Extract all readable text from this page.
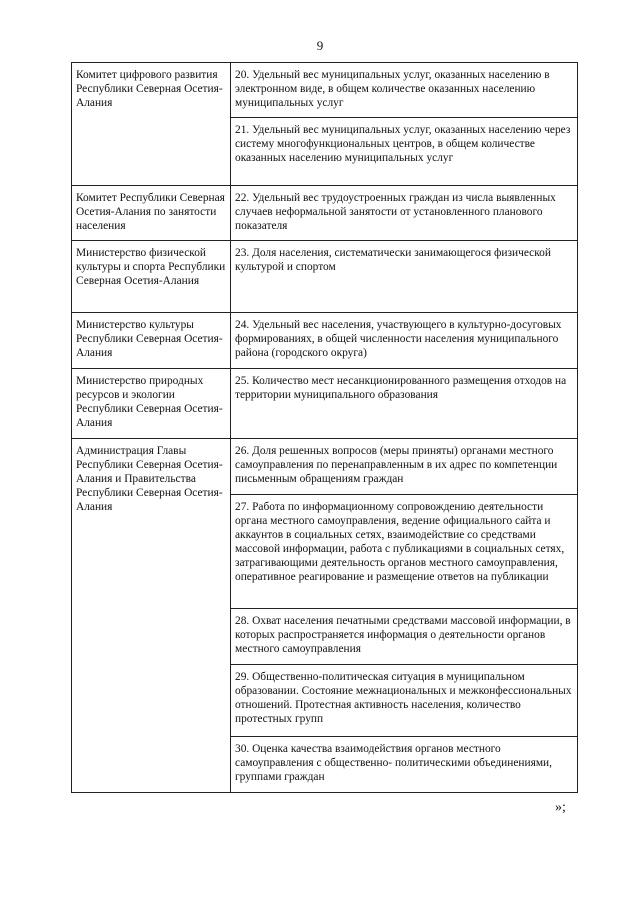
9
Комитет цифрового развития Республики Северная Осетия-Алания	20. Удельный вес муниципальных услуг, оказанных населению в электронном виде, в общем количестве оказанных населению муниципальных услуг
	21. Удельный вес муниципальных услуг, оказанных населению через систему многофункциональных центров, в общем количестве оказанных населению муниципальных услуг
Комитет Республики Северная Осетия-Алания по занятости населения	22. Удельный вес трудоустроенных граждан из числа выявленных случаев неформальной занятости от установленного планового показателя
Министерство физической культуры и спорта Республики Северная Осетия-Алания	23. Доля населения, систематически занимающегося физической культурой и спортом
Министерство культуры Республики Северная Осетия-Алания	24. Удельный вес населения, участвующего в культурно-досуговых формированиях, в общей численности населения муниципального района (городского округа)
Министерство природных ресурсов и экологии Республики Северная Осетия-Алания	25. Количество мест несанкционированного размещения отходов на территории муниципального образования
Администрация Главы Республики Северная Осетия-Алания и Правительства Республики Северная Осетия-Алания	26. Доля решенных вопросов (меры приняты) органами местного самоуправления по перенаправленным в их адрес по компетенции письменным обращениям граждан
	27. Работа по информационному сопровождению деятельности органа местного самоуправления, ведение официального сайта и аккаунтов в социальных сетях, взаимодействие со средствами массовой информации, работа с публикациями в социальных сетях, затрагивающими деятельность органов местного самоуправления, оперативное реагирование и размещение ответов на публикации
	28. Охват населения печатными средствами массовой информации, в которых распространяется информация о деятельности органов местного самоуправления
	29. Общественно-политическая ситуация в муниципальном образовании. Состояние межнациональных и межконфессиональных отношений. Протестная активность населения, количество протестных групп
	30. Оценка качества взаимодействия органов местного самоуправления с общественно- политическими объединениями, группами граждан
»;
